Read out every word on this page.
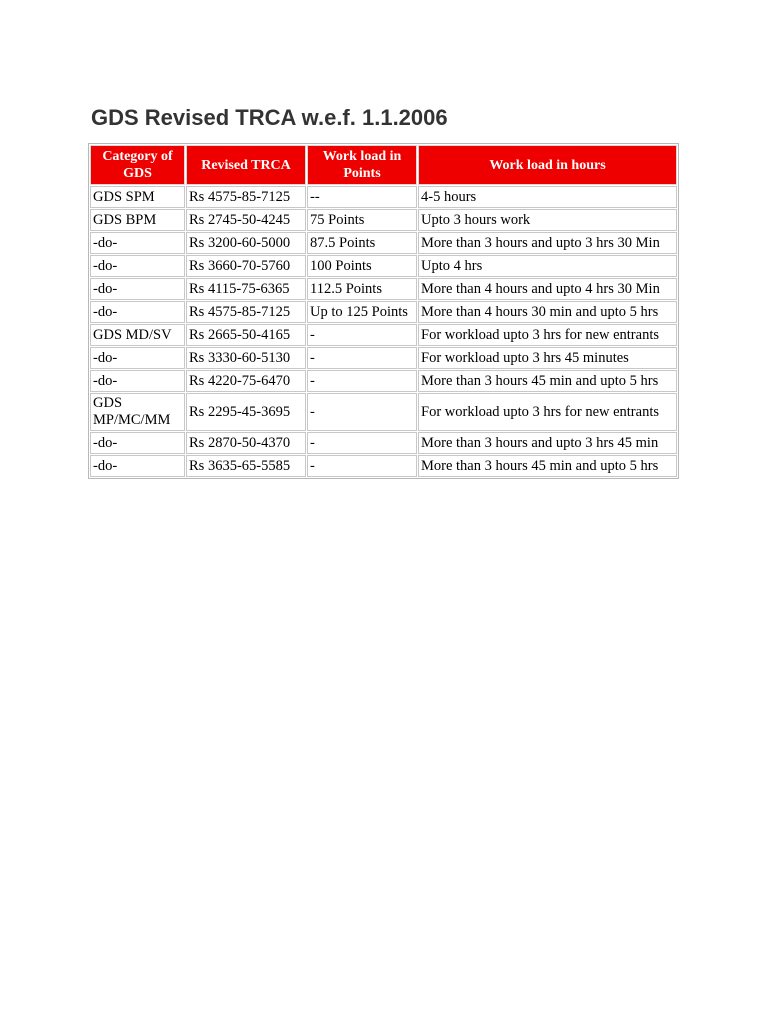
GDS Revised TRCA w.e.f. 1.1.2006
Category of GDS	Revised TRCA	Work load in Points	Work load in hours
GDS SPM	Rs 4575-85-7125	--	4-5 hours
GDS BPM	Rs 2745-50-4245	75 Points	Upto 3 hours work
-do-	Rs 3200-60-5000	87.5 Points	More than 3 hours and upto 3 hrs 30 Min
-do-	Rs 3660-70-5760	100 Points	Upto 4 hrs
-do-	Rs 4115-75-6365	112.5 Points	More than 4 hours and upto 4 hrs 30 Min
-do-	Rs 4575-85-7125	Up to 125 Points	More than 4 hours 30 min and upto 5 hrs
GDS MD/SV	Rs 2665-50-4165	-	For workload upto 3 hrs for new entrants
-do-	Rs 3330-60-5130	-	For workload upto 3 hrs 45 minutes
-do-	Rs 4220-75-6470	-	More than 3 hours 45 min and upto 5 hrs
GDS MP/MC/MM	Rs 2295-45-3695	-	For workload upto 3 hrs for new entrants
-do-	Rs 2870-50-4370	-	More than 3 hours and upto 3 hrs 45 min
-do-	Rs 3635-65-5585	-	More than 3 hours 45 min and upto 5 hrs
